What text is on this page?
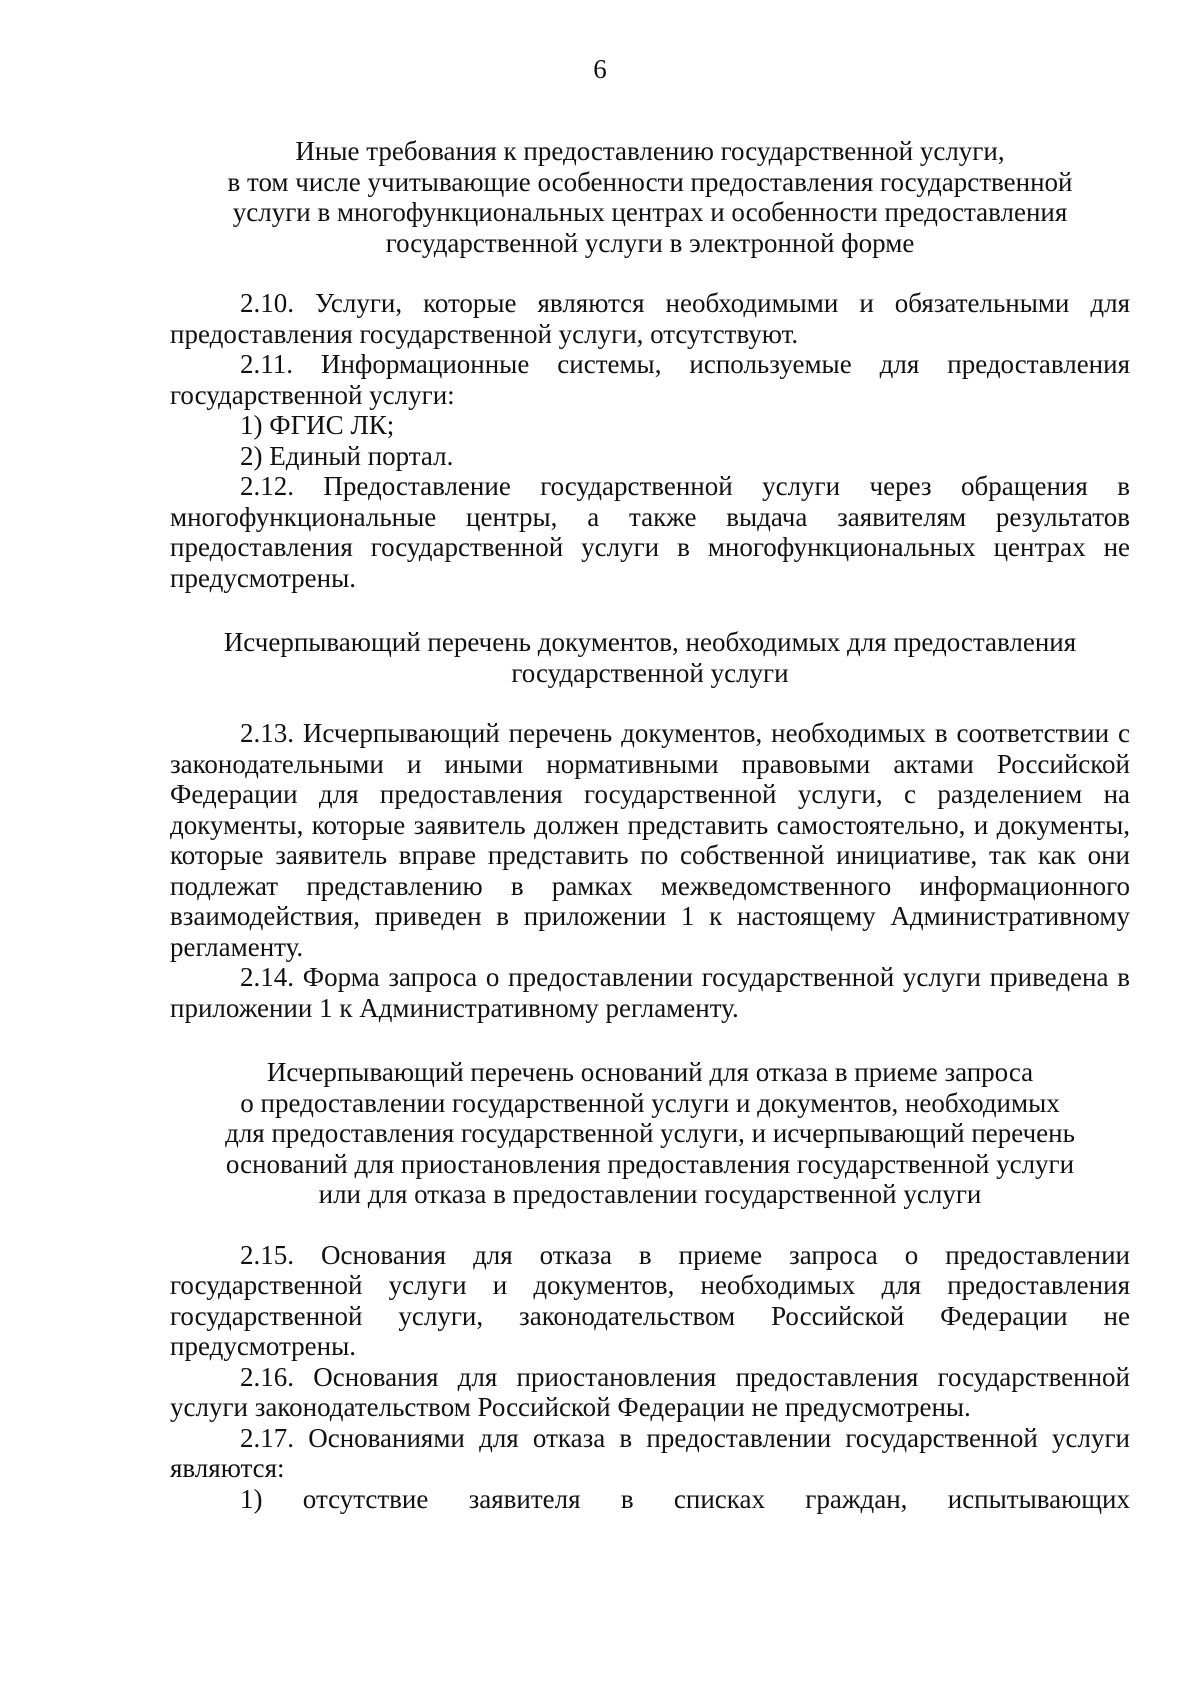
6
Иные требования к предоставлению государственной услуги,
в том числе учитывающие особенности предоставления государственной
услуги в многофункциональных центрах и особенности предоставления
государственной услуги в электронной форме

2.10. Услуги, которые являются необходимыми и обязательными для предоставления государственной услуги, отсутствуют.

2.11. Информационные системы, используемые для предоставления государственной услуги:

1) ФГИС ЛК;

2) Единый портал.

2.12. Предоставление государственной услуги через обращения в многофункциональные центры, а также выдача заявителям результатов предоставления государственной услуги в многофункциональных центрах не предусмотрены.

Исчерпывающий перечень документов, необходимых для предоставления
государственной услуги

2.13. Исчерпывающий перечень документов, необходимых в соответствии с законодательными и иными нормативными правовыми актами Российской Федерации для предоставления государственной услуги, с разделением на документы, которые заявитель должен представить самостоятельно, и документы, которые заявитель вправе представить по собственной инициативе, так как они подлежат представлению в рамках межведомственного информационного взаимодействия, приведен в приложении 1 к настоящему Административному регламенту.

2.14. Форма запроса о предоставлении государственной услуги приведена в приложении 1 к Административному регламенту.

Исчерпывающий перечень оснований для отказа в приеме запроса
о предоставлении государственной услуги и документов, необходимых
для предоставления государственной услуги, и исчерпывающий перечень
оснований для приостановления предоставления государственной услуги
или для отказа в предоставлении государственной услуги

2.15. Основания для отказа в приеме запроса о предоставлении государственной услуги и документов, необходимых для предоставления государственной услуги, законодательством Российской Федерации не предусмотрены.

2.16. Основания для приостановления предоставления государственной услуги законодательством Российской Федерации не предусмотрены.

2.17. Основаниями для отказа в предоставлении государственной услуги являются:

1) отсутствие заявителя в списках граждан, испытывающих
